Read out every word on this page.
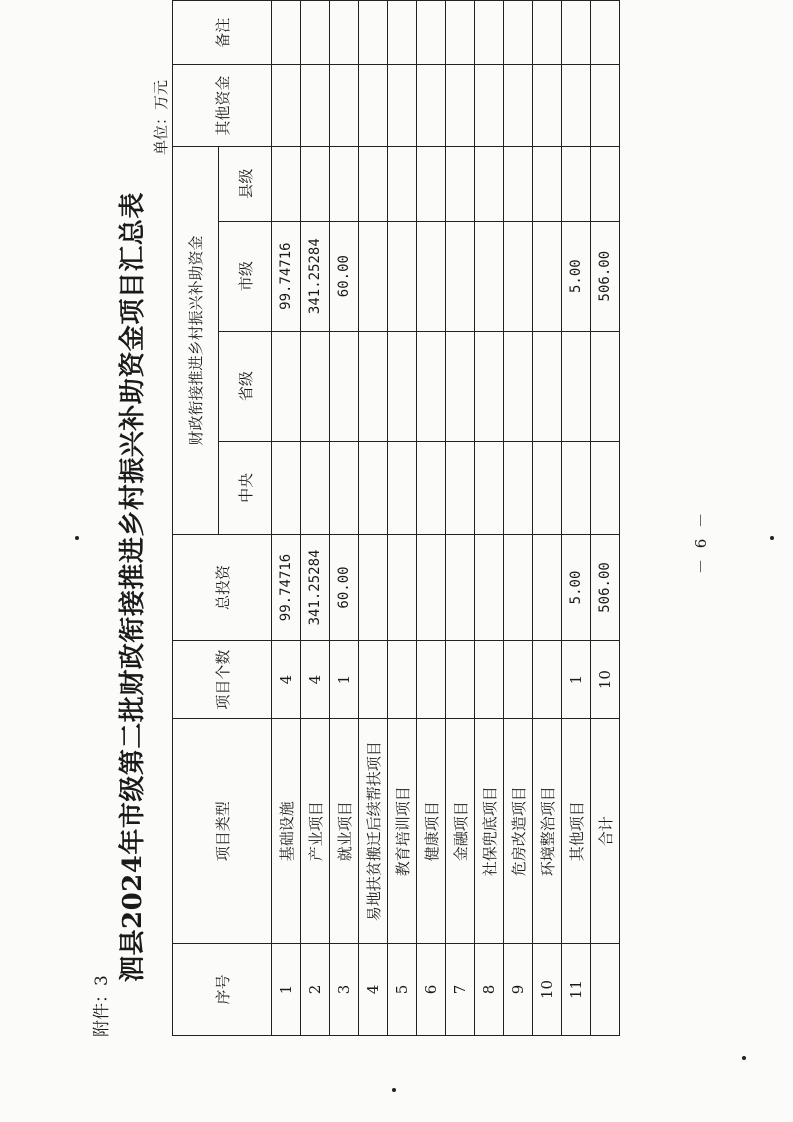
附件：3
泗县2024年市级第二批财政衔接推进乡村振兴补助资金项目汇总表
单位：万元
序号	项目类型	项目个数	总投资	财政衔接推进乡村振兴补助资金				其他资金	备注
				中央	省级	市级	县级		
1	基础设施	4	99.74716			99.74716			
2	产业项目	4	341.25284			341.25284			
3	就业项目	1	60.00			60.00			
4	易地扶贫搬迁后续帮扶项目								
5	教育培训项目								
6	健康项目								
7	金融项目								
8	社保兜底项目								
9	危房改造项目								
10	环境整治项目								
11	其他项目	1	5.00			5.00			
	合计	10	506.00			506.00			
－ 6 －
